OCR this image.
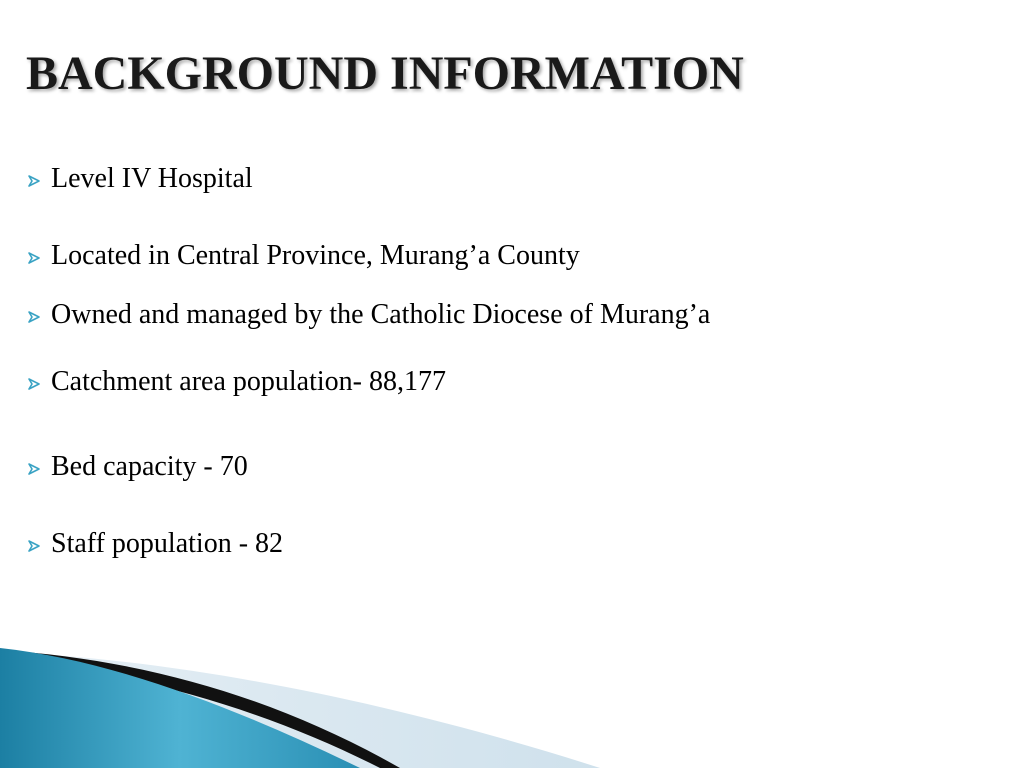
BACKGROUND INFORMATION
Level IV Hospital
Located in Central Province, Murang’a County
Owned and managed by the Catholic Diocese of Murang’a
Catchment area population- 88,177
Bed capacity - 70
Staff population - 82
